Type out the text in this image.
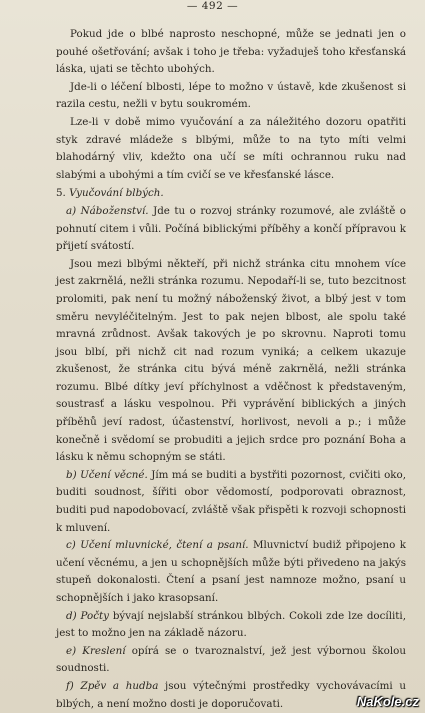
— 492 —

Pokud jde o blbé naprosto neschopné, může se jednati jen o pouhé ošetřování; avšak i toho je třeba: vyžaduješ toho křesťanská láska, ujati se těchto ubohých.

Jde-li o léčení blbosti, lépe to možno v ústavě, kde zkušenost si razila cestu, nežli v bytu soukromém.

Lze-li v době mimo vyučování a za náležitého dozoru opatřiti styk zdravé mládeže s blbými, může to na tyto míti velmi blahodárný vliv, kdežto ona učí se míti ochrannou ruku nad slabými a ubohými a tím cvičí se ve křesťanské lásce.

5. Vyučování blbých.

a) Náboženství. Jde tu o rozvoj stránky rozumové, ale zvláště o pohnutí citem i vůli. Počíná biblickými příběhy a končí přípravou k přijetí svátostí.

Jsou mezi blbými někteří, při nichž stránka citu mnohem více jest zakrnělá, nežli stránka rozumu. Nepodaří-li se, tuto bezcitnost prolomiti, pak není tu možný náboženský život, a blbý jest v tom směru nevyléčitelným. Jest to pak nejen blbost, ale spolu také mravná zrůdnost. Avšak takových je po skrovnu. Naproti tomu jsou blbí, při nichž cit nad rozum vyniká; a celkem ukazuje zkušenost, že stránka citu bývá méně zakrnělá, nežli stránka rozumu. Blbé dítky jeví příchylnost a vděčnost k představeným, soustrasť a lásku vespolnou. Při vyprávění biblických a jiných příběhů jeví radost, účastenství, horlivost, nevoli a p.; i může konečně i svědomí se probuditi a jejich srdce pro poznání Boha a lásku k němu schopným se státi.

b) Učení věcné. Jím má se buditi a bystřiti pozornost, cvičiti oko, buditi soudnost, šířiti obor vědomostí, podporovati obraznost, buditi pud napodobovací, zvláště však přispěti k rozvoji schopnosti k mluvení.

c) Učení mluvnické, čtení a psaní. Mluvnictví budiž připojeno k učení věcnému, a jen u schopnějších může býti přivedeno na jakýs stupeň dokonalosti. Čtení a psaní jest namnoze možno, psaní u schopnějších i jako krasopsaní.

d) Počty bývají nejslabší stránkou blbých. Cokoli zde lze docíliti, jest to možno jen na základě názoru.

e) Kreslení opírá se o tvaroznalství, jež jest výbornou školou soudnosti.

f) Zpěv a hudba jsou výtečnými prostředky vychovávacími u blbých, a není možno dosti je doporučovati.	NaKole.cz
